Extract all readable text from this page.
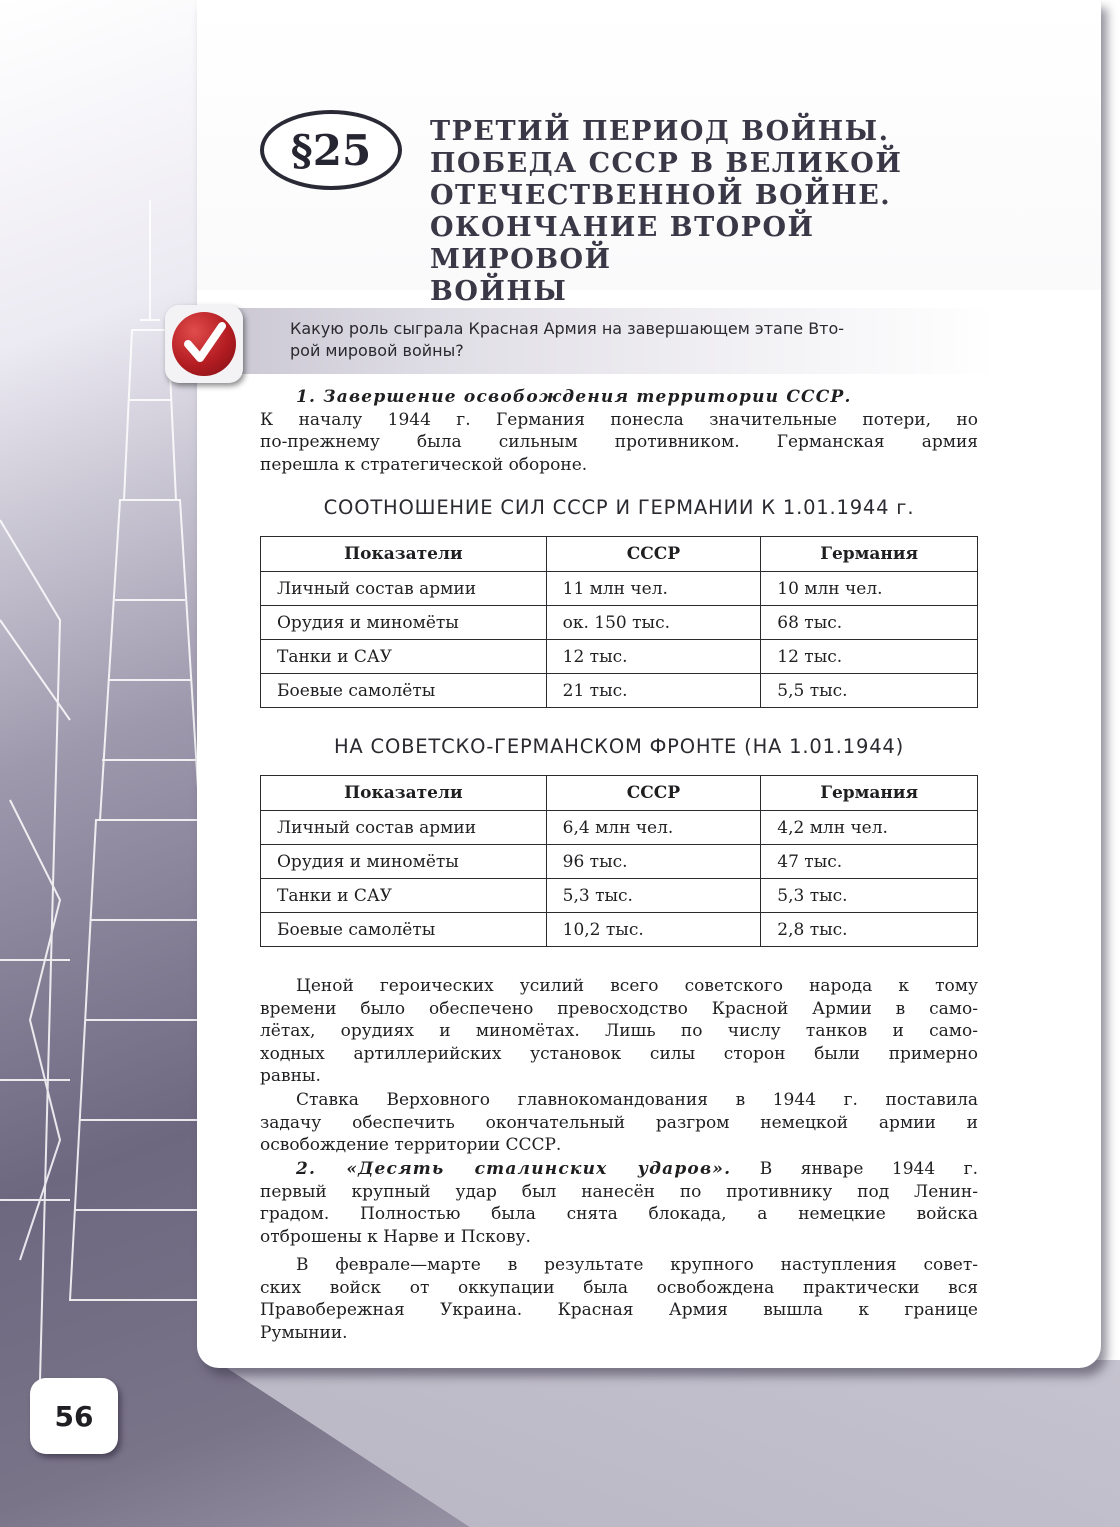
§25	ТРЕТИЙ ПЕРИОД ВОЙНЫ.
ПОБЕДА СССР В ВЕЛИКОЙ
ОТЕЧЕСТВЕННОЙ ВОЙНЕ.
ОКОНЧАНИЕ ВТОРОЙ МИРОВОЙ
ВОЙНЫ
Какую роль сыграла Красная Армия на завершающем этапе Вто-
рой мировой войны?
1. Завершение освобождения территории СССР.
К началу 1944 г. Германия понесла значительные потери, но
по-прежнему была сильным противником. Германская армия
перешла к стратегической обороне.
СООТНОШЕНИЕ СИЛ СССР И ГЕРМАНИИ К 1.01.1944 г.
Показатели	СССР	Германия
Личный состав армии	11 млн чел.	10 млн чел.
Орудия и миномёты	ок. 150 тыс.	68 тыс.
Танки и САУ	12 тыс.	12 тыс.
Боевые самолёты	21 тыс.	5,5 тыс.
НА СОВЕТСКО-ГЕРМАНСКОМ ФРОНТЕ (НА 1.01.1944)
Показатели	СССР	Германия
Личный состав армии	6,4 млн чел.	4,2 млн чел.
Орудия и миномёты	96 тыс.	47 тыс.
Танки и САУ	5,3 тыс.	5,3 тыс.
Боевые самолёты	10,2 тыс.	2,8 тыс.
Ценой героических усилий всего советского народа к тому
времени было обеспечено превосходство Красной Армии в само-
лётах, орудиях и миномётах. Лишь по числу танков и само-
ходных артиллерийских установок силы сторон были примерно
равны.
Ставка Верховного главнокомандования в 1944 г. поставила
задачу обеспечить окончательный разгром немецкой армии и
освобождение территории СССР.
2. «Десять сталинских ударов». В январе 1944 г.
первый крупный удар был нанесён по противнику под Ленин-
градом. Полностью была снята блокада, а немецкие войска
отброшены к Нарве и Пскову.
В феврале—марте в результате крупного наступления совет-
ских войск от оккупации была освобождена практически вся
Правобережная Украина. Красная Армия вышла к границе
Румынии.
56
